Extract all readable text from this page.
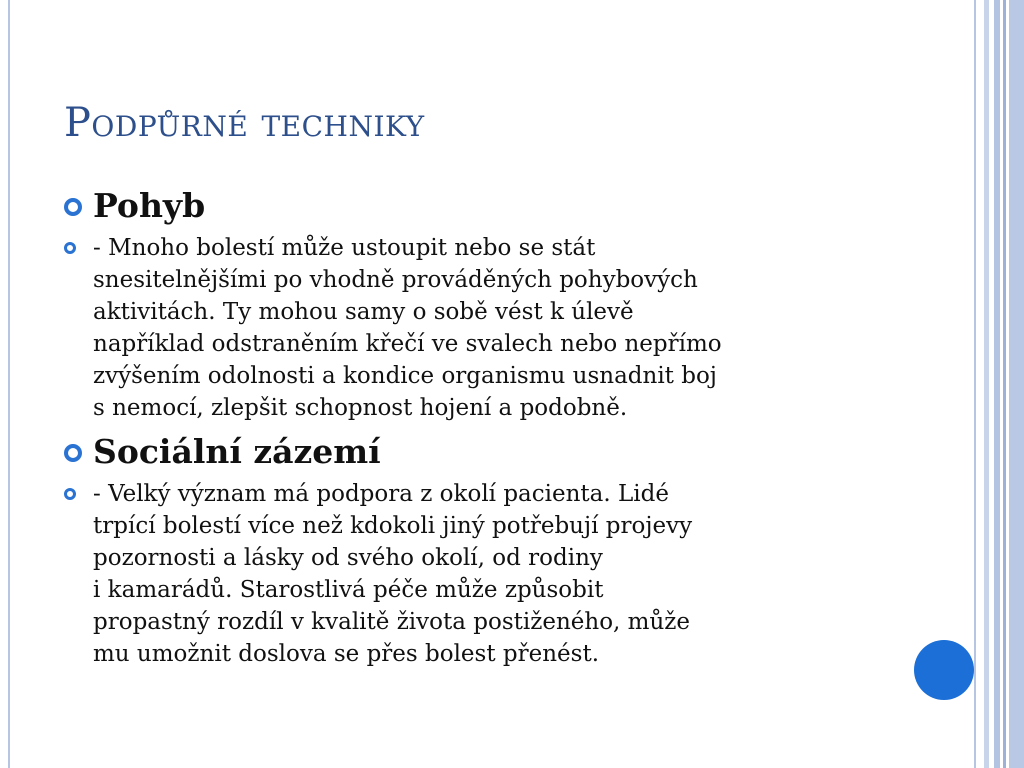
Podpůrné techniky
Pohyb
- Mnoho bolestí může ustoupit nebo se stát
snesitelnějšími po vhodně prováděných pohybových
aktivitách. Ty mohou samy o sobě vést k úlevě
například odstraněním křečí ve svalech nebo nepřímo
zvýšením odolnosti a kondice organismu usnadnit boj
s nemocí, zlepšit schopnost hojení a podobně.
Sociální zázemí
- Velký význam má podpora z okolí pacienta. Lidé
trpící bolestí více než kdokoli jiný potřebují projevy
pozornosti a lásky od svého okolí, od rodiny
i kamarádů. Starostlivá péče může způsobit
propastný rozdíl v kvalitě života postiženého, může
mu umožnit doslova se přes bolest přenést.
